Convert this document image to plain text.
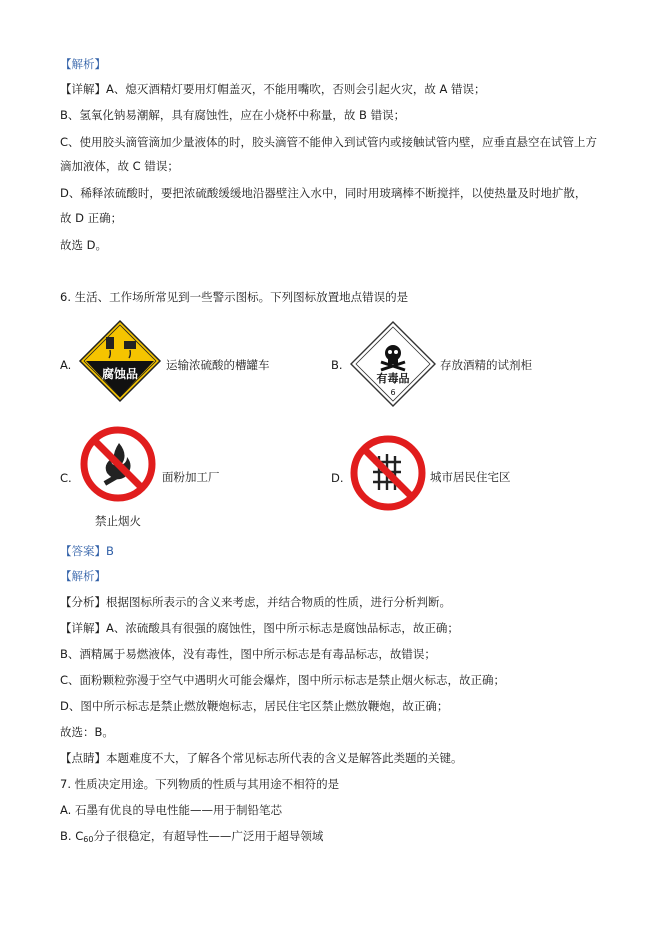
【解析】
【详解】A、熄灭酒精灯要用灯帽盖灭，不能用嘴吹，否则会引起火灾，故 A 错误；
B、氢氧化钠易潮解，具有腐蚀性，应在小烧杯中称量，故 B 错误；
C、使用胶头滴管滴加少量液体的时，胶头滴管不能伸入到试管内或接触试管内壁，应垂直悬空在试管上方
滴加液体，故 C 错误；
D、稀释浓硫酸时，要把浓硫酸缓缓地沿器壁注入水中，同时用玻璃棒不断搅拌，以使热量及时地扩散，
故 D 正确；
故选 D。
6. 生活、工作场所常见到一些警示图标。下列图标放置地点错误的是
A.
腐蚀品
运输浓硫酸的槽罐车	B.
有毒品
6
存放酒精的试剂柜
C.	面粉加工厂
禁止烟火
D.	城市居民住宅区
【答案】B
【解析】
【分析】根据图标所表示的含义来考虑，并结合物质的性质，进行分析判断。
【详解】A、浓硫酸具有很强的腐蚀性，图中所示标志是腐蚀品标志，故正确；
B、酒精属于易燃液体，没有毒性，图中所示标志是有毒品标志，故错误；
C、面粉颗粒弥漫于空气中遇明火可能会爆炸，图中所示标志是禁止烟火标志，故正确；
D、图中所示标志是禁止燃放鞭炮标志，居民住宅区禁止燃放鞭炮，故正确；
故选：B。
【点睛】本题难度不大，了解各个常见标志所代表的含义是解答此类题的关键。
7. 性质决定用途。下列物质的性质与其用途不相符的是
A. 石墨有优良的导电性能——用于制铅笔芯
B. $C_{60}$分子很稳定，有超导性——广泛用于超导领域
